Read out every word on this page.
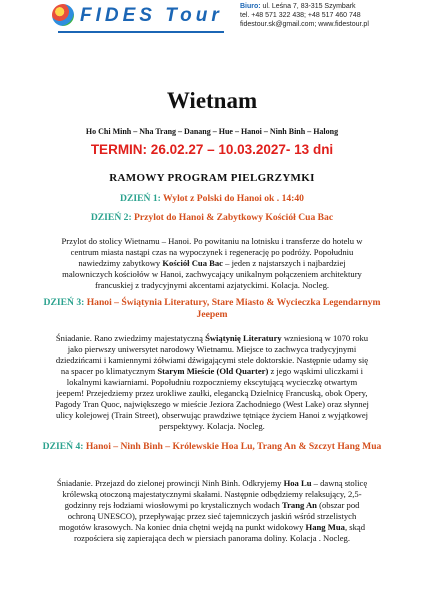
FIDES Tour Biuro: ul. Leśna 7, 83-315 Szymbark
tel. +48 571 322 438; +48 517 460 748
fidestour.sk@gmail.com; www.fidestour.pl
Wietnam
Ho Chi Minh – Nha Trang – Danang – Hue – Hanoi – Ninh Binh – Halong
TERMIN: 26.02.27 – 10.03.2027- 13 dni
RAMOWY PROGRAM PIELGRZYMKI
DZIEŃ 1: Wylot z Polski do Hanoi ok . 14:40
DZIEŃ 2: Przylot do Hanoi & Zabytkowy Kościół Cua Bac
Przylot do stolicy Wietnamu – Hanoi. Po powitaniu na lotnisku i transferze do hotelu w centrum miasta nastąpi czas na wypoczynek i regenerację po podróży. Popołudniu nawiedzimy zabytkowy Kościół Cua Bac – jeden z najstarszych i najbardziej malowniczych kościołów w Hanoi, zachwycający unikalnym połączeniem architektury francuskiej z tradycyjnymi akcentami azjatyckimi. Kolacja. Nocleg.
DZIEŃ 3: Hanoi – Świątynia Literatury, Stare Miasto & Wycieczka Legendarnym Jeepem
Śniadanie. Rano zwiedzimy majestatyczną Świątynię Literatury wzniesioną w 1070 roku jako pierwszy uniwersytet narodowy Wietnamu. Miejsce to zachwyca tradycyjnymi dziedzińcami i kamiennymi żółwiami dźwigającymi stele doktorskie. Następnie udamy się na spacer po klimatycznym Starym Mieście (Old Quarter) z jego wąskimi uliczkami i lokalnymi kawiarniami. Popołudniu rozpoczniemy ekscytującą wycieczkę otwartym jeepem! Przejedziemy przez urokliwe zaułki, elegancką Dzielnicę Francuską, obok Opery, Pagody Tran Quoc, największego w mieście Jeziora Zachodniego (West Lake) oraz słynnej ulicy kolejowej (Train Street), obserwując prawdziwe tętniące życiem Hanoi z wyjątkowej perspektywy. Kolacja. Nocleg.
DZIEŃ 4: Hanoi – Ninh Binh – Królewskie Hoa Lu, Trang An & Szczyt Hang Mua
Śniadanie. Przejazd do zielonej prowincji Ninh Binh. Odkryjemy Hoa Lu – dawną stolicę królewską otoczoną majestatycznymi skałami. Następnie odbędziemy relaksujący, 2,5-godzinny rejs łodziami wiosłowymi po krystalicznych wodach Trang An (obszar pod ochroną UNESCO), przepływając przez sieć tajemniczych jaskiń wśród strzelistych mogotów krasowych. Na koniec dnia chętni wejdą na punkt widokowy Hang Mua, skąd rozpościera się zapierająca dech w piersiach panorama doliny. Kolacja . Nocleg.
